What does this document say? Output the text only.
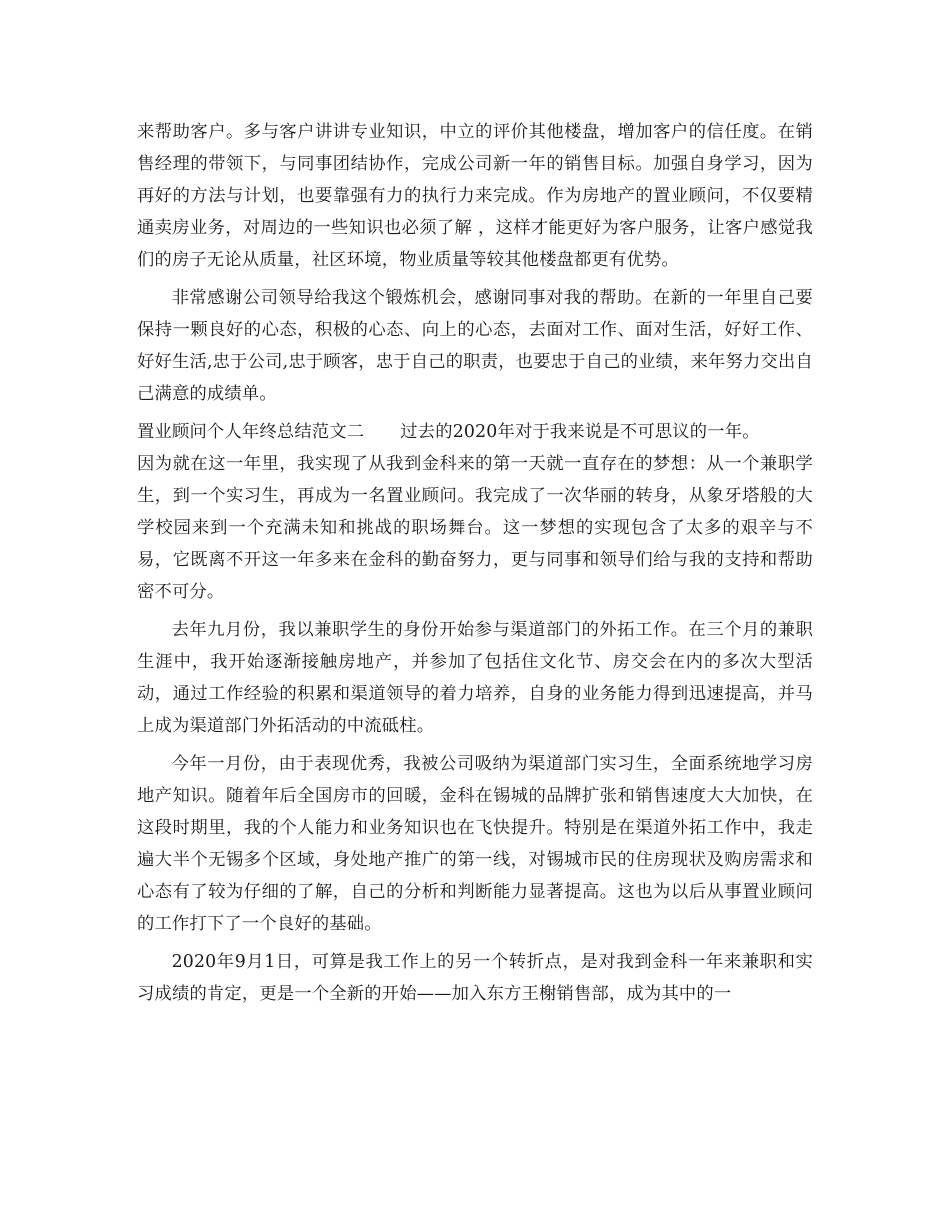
来帮助客户。多与客户讲讲专业知识，中立的评价其他楼盘，增加客户的信任度。在销售经理的带领下，与同事团结协作，完成公司新一年的销售目标。加强自身学习，因为再好的方法与计划，也要靠强有力的执行力来完成。作为房地产的置业顾问，不仅要精通卖房业务，对周边的一些知识也必须了解 ，这样才能更好为客户服务，让客户感觉我们的房子无论从质量，社区环境，物业质量等较其他楼盘都更有优势。

非常感谢公司领导给我这个锻炼机会，感谢同事对我的帮助。在新的一年里自己要保持一颗良好的心态，积极的心态、向上的心态，去面对工作、面对生活，好好工作、好好生活,忠于公司,忠于顾客，忠于自己的职责，也要忠于自己的业绩，来年努力交出自己满意的成绩单。

置业顾问个人年终总结范文二 过去的2020年对于我来说是不可思议的一年。

因为就在这一年里，我实现了从我到金科来的第一天就一直存在的梦想：从一个兼职学生，到一个实习生，再成为一名置业顾问。我完成了一次华丽的转身，从象牙塔般的大学校园来到一个充满未知和挑战的职场舞台。这一梦想的实现包含了太多的艰辛与不易，它既离不开这一年多来在金科的勤奋努力，更与同事和领导们给与我的支持和帮助密不可分。

去年九月份，我以兼职学生的身份开始参与渠道部门的外拓工作。在三个月的兼职生涯中，我开始逐渐接触房地产，并参加了包括住文化节、房交会在内的多次大型活动，通过工作经验的积累和渠道领导的着力培养，自身的业务能力得到迅速提高，并马上成为渠道部门外拓活动的中流砥柱。

今年一月份，由于表现优秀，我被公司吸纳为渠道部门实习生，全面系统地学习房地产知识。随着年后全国房市的回暖，金科在锡城的品牌扩张和销售速度大大加快，在这段时期里，我的个人能力和业务知识也在飞快提升。特别是在渠道外拓工作中，我走遍大半个无锡多个区域，身处地产推广的第一线，对锡城市民的住房现状及购房需求和心态有了较为仔细的了解，自己的分析和判断能力显著提高。这也为以后从事置业顾问的工作打下了一个良好的基础。

2020年9月1日，可算是我工作上的另一个转折点，是对我到金科一年来兼职和实习成绩的肯定，更是一个全新的开始——加入东方王榭销售部，成为其中的一
